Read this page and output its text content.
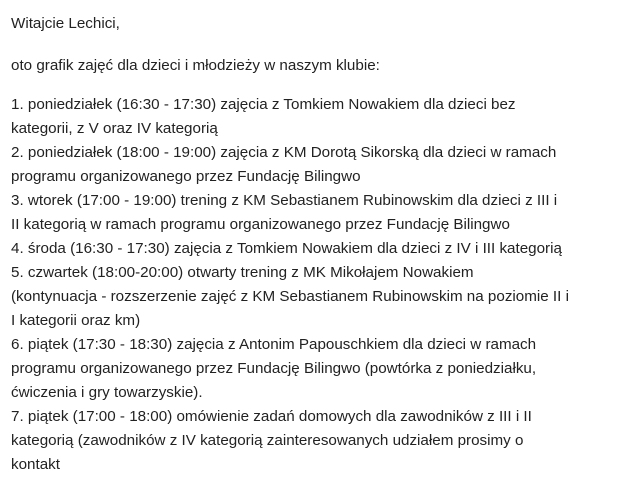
Witajcie Lechici,

oto grafik zajęć dla dzieci i młodzieży w naszym klubie:

1. poniedziałek (16:30 - 17:30) zajęcia z Tomkiem Nowakiem dla dzieci bez
kategorii, z V oraz IV kategorią
2. poniedziałek (18:00 - 19:00) zajęcia z KM Dorotą Sikorską dla dzieci w ramach
programu organizowanego przez Fundację Bilingwo
3. wtorek (17:00 - 19:00) trening z KM Sebastianem Rubinowskim dla dzieci z III i
II kategorią w ramach programu organizowanego przez Fundację Bilingwo
4. środa (16:30 - 17:30) zajęcia z Tomkiem Nowakiem dla dzieci z IV i III kategorią
5. czwartek (18:00-20:00) otwarty trening z MK Mikołajem Nowakiem
(kontynuacja - rozszerzenie zajęć z KM Sebastianem Rubinowskim na poziomie II i
I kategorii oraz km)
6. piątek (17:30 - 18:30) zajęcia z Antonim Papouschkiem dla dzieci w ramach
programu organizowanego przez Fundację Bilingwo (powtórka z poniedziałku,
ćwiczenia i gry towarzyskie).
7. piątek (17:00 - 18:00) omówienie zadań domowych dla zawodników z III i II
kategorią (zawodników z IV kategorią zainteresowanych udziałem prosimy o
kontakt
